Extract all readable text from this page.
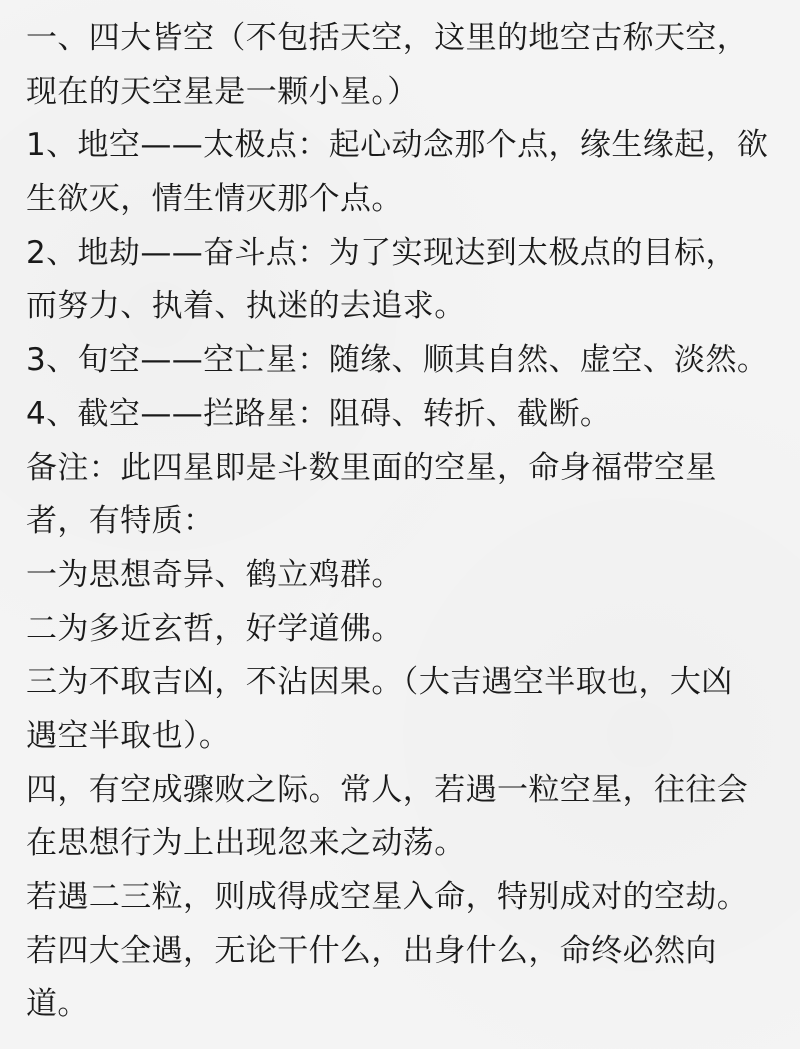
一、四大皆空（不包括天空，这里的地空古称天空，
现在的天空星是一颗小星。）
1、地空——太极点：起心动念那个点，缘生缘起，欲
生欲灭，情生情灭那个点。
2、地劫——奋斗点：为了实现达到太极点的目标，
而努力、执着、执迷的去追求。
3、旬空——空亡星：随缘、顺其自然、虚空、淡然。
4、截空——拦路星：阻碍、转折、截断。
备注：此四星即是斗数里面的空星，命身福带空星
者，有特质：
一为思想奇异、鹤立鸡群。
二为多近玄哲，好学道佛。
三为不取吉凶，不沾因果。（大吉遇空半取也，大凶
遇空半取也）。
四，有空成骤败之际。常人，若遇一粒空星，往往会
在思想行为上出现忽来之动荡。
若遇二三粒，则成得成空星入命，特别成对的空劫。
若四大全遇，无论干什么，出身什么，命终必然向
道。
